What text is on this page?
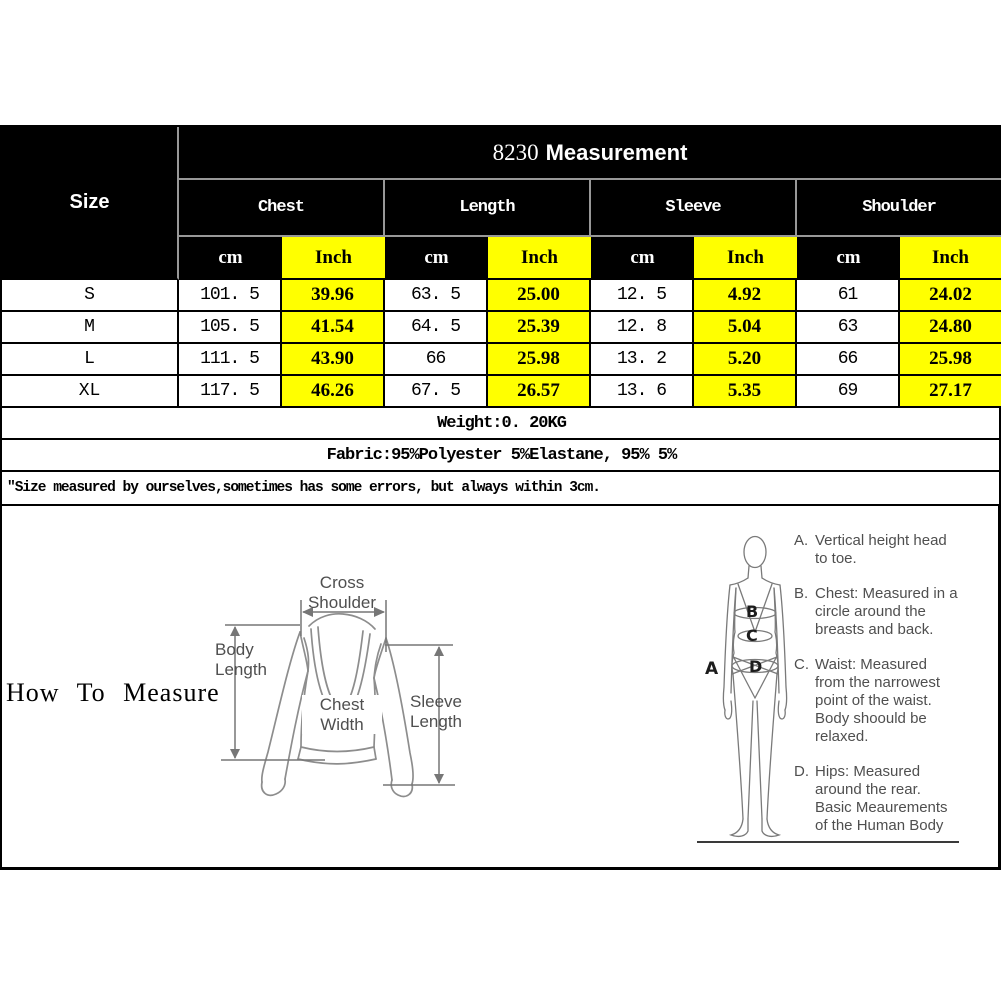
Size
8230 Measurement
Chest	Length	Sleeve	Shoulder
cm	Inch	cm	Inch	cm	Inch	cm	Inch
S	101. 5	39.96	63. 5	25.00	12. 5	4.92	61	24.02
M	105. 5	41.54	64. 5	25.39	12. 8	5.04	63	24.80
L	111. 5	43.90	66	25.98	13. 2	5.20	66	25.98
XL	117. 5	46.26	67. 5	26.57	13. 6	5.35	69	27.17
Weight:0. 20KG
Fabric:95%Polyester 5%Elastane, 95% 5%
″Size measured by ourselves,sometimes has some errors, but always within 3cm.
How To Measure
Cross Shoulder
Body Length
Chest Width
Sleeve Length
A
B
C
D
A. Vertical height head
to toe.
B. Chest: Measured in a
circle around the
breasts and back.
C. Waist: Measured
from the narrowest
point of the waist.
Body shoould be
relaxed.
D. Hips: Measured
around the rear.
Basic Meaurements
of the Human Body
